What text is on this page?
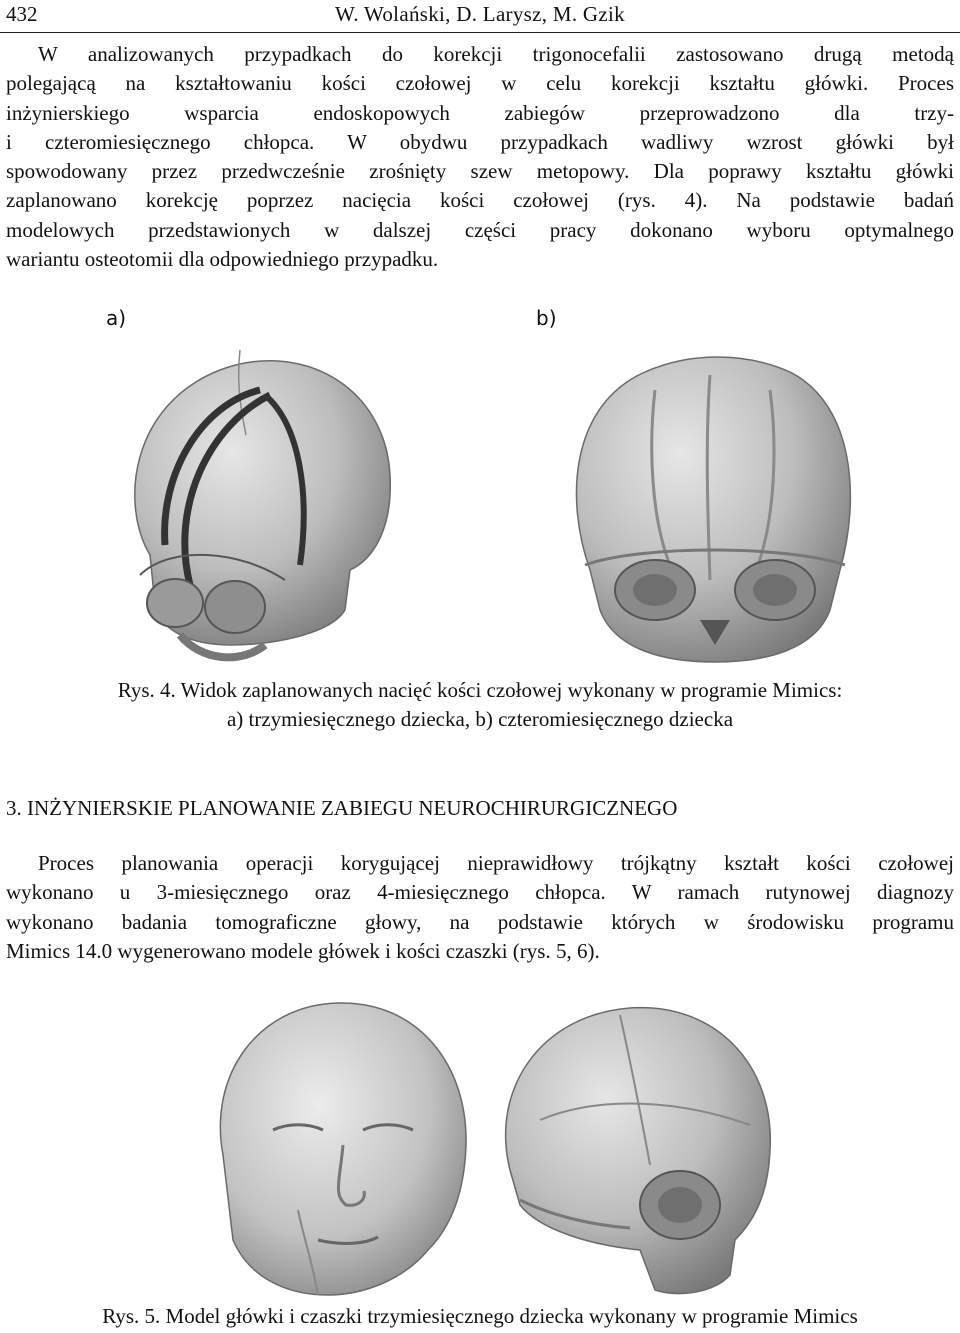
432	W. Wolański, D. Larysz, M. Gzik
W analizowanych przypadkach do korekcji trigonocefalii zastosowano drugą metodą
polegającą na kształtowaniu kości czołowej w celu korekcji kształtu główki. Proces
inżynierskiego wsparcia endoskopowych zabiegów przeprowadzono dla trzy-
i czteromiesięcznego chłopca. W obydwu przypadkach wadliwy wzrost główki był
spowodowany przez przedwcześnie zrośnięty szew metopowy. Dla poprawy kształtu główki
zaplanowano korekcję poprzez nacięcia kości czołowej (rys. 4). Na podstawie badań
modelowych przedstawionych w dalszej części pracy dokonano wyboru optymalnego
wariantu osteotomii dla odpowiedniego przypadku.
a)	b)
Rys. 4. Widok zaplanowanych nacięć kości czołowej wykonany w programie Mimics:
a) trzymiesięcznego dziecka, b) czteromiesięcznego dziecka
3. INŻYNIERSKIE PLANOWANIE ZABIEGU NEUROCHIRURGICZNEGO
Proces planowania operacji korygującej nieprawidłowy trójkątny kształt kości czołowej
wykonano u 3-miesięcznego oraz 4-miesięcznego chłopca. W ramach rutynowej diagnozy
wykonano badania tomograficzne głowy, na podstawie których w środowisku programu
Mimics 14.0 wygenerowano modele główek i kości czaszki (rys. 5, 6).
Rys. 5. Model główki i czaszki trzymiesięcznego dziecka wykonany w programie Mimics
